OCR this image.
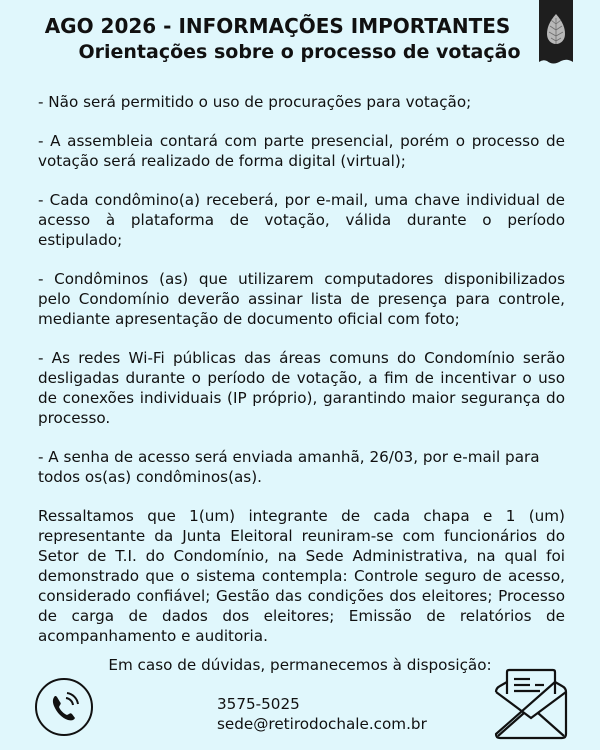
AGO 2026 - INFORMAÇÕES IMPORTANTES
Orientações sobre o processo de votação

- Não será permitido o uso de procurações para votação;

- A assembleia contará com parte presencial, porém o processo de votação será realizado de forma digital (virtual);

- Cada condômino(a) receberá, por e-mail, uma chave individual de acesso à plataforma de votação, válida durante o período estipulado;

- Condôminos (as) que utilizarem computadores disponibilizados pelo Condomínio deverão assinar lista de presença para controle, mediante apresentação de documento oficial com foto;

- As redes Wi-Fi públicas das áreas comuns do Condomínio serão desligadas durante o período de votação, a fim de incentivar o uso de conexões individuais (IP próprio), garantindo maior segurança do processo.

- A senha de acesso será enviada amanhã, 26/03, por e-mail para todos os(as) condôminos(as).

Ressaltamos que 1(um) integrante de cada chapa e 1 (um) representante da Junta Eleitoral reuniram-se com funcionários do Setor de T.I. do Condomínio, na Sede Administrativa, na qual foi demonstrado que o sistema contempla: Controle seguro de acesso, considerado confiável; Gestão das condições dos eleitores; Processo de carga de dados dos eleitores; Emissão de relatórios de acompanhamento e auditoria.

Em caso de dúvidas, permanecemos à disposição:
3575-5025
sede@retirodochale.com.br
